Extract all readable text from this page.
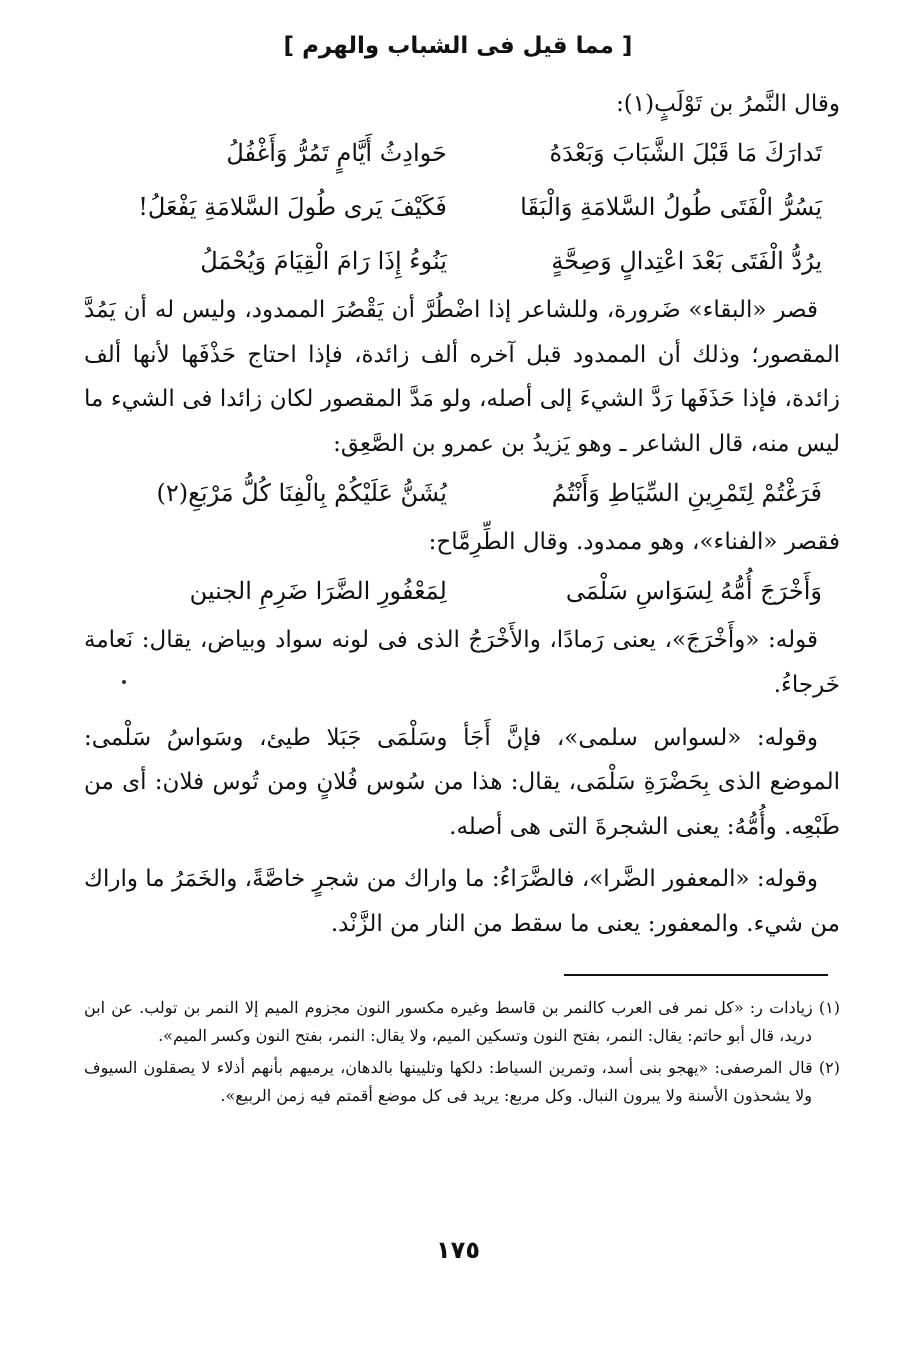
[ مما قيل فى الشباب والهرم ]

وقال النَّمرُ بن تَوْلَبٍ(١):

تَدارَكَ مَا قَبْلَ الشَّبَابَ وَبَعْدَهُ
حَوادِثُ أَيَّامٍ تَمُرُّ وَأَغْفُلُ
يَسُرُّ الْفَتَى طُولُ السَّلامَةِ وَالْبَقَا
فَكَيْفَ يَرى طُولَ السَّلامَةِ يَفْعَلُ!
يرُدُّ الْفَتَى بَعْدَ اعْتِدالٍ وَصِحَّةٍ
يَنُوءُ إِذَا رَامَ الْقِيَامَ وَيُحْمَلُ

قصر «البقاء» ضَرورة، وللشاعر إذا اضْطُرَّ أن يَقْصُرَ الممدود، وليس له أن يَمُدَّ المقصور؛ وذلك أن الممدود قبل آخره ألف زائدة، فإذا احتاج حَذْفَها لأنها ألف زائدة، فإذا حَذَفَها رَدَّ الشيءَ إلى أصله، ولو مَدَّ المقصور لكان زائدا فى الشيء ما ليس منه، قال الشاعر ـ وهو يَزيدُ بن عمرو بن الصَّعِق:

فَرَغْتُمْ لِتَمْرِينِ السِّيَاطِ وَأَنْتُمُ
يُشَنُّ عَلَيْكُمْ بِالْفِنَا كُلُّ مَرْبَعِ(٢)

فقصر «الفناء»، وهو ممدود. وقال الطِّرِمَّاح:

وَأَخْرَجَ أُمُّهُ لِسَوَاسِ سَلْمَى
لِمَعْفُورِ الضَّرَا ضَرِمِ الجنين

قوله: «وأَخْرَجَ»، يعنى رَمادًا، والأَخْرَجُ الذى فى لونه سواد وبياض، يقال: نَعامة خَرجاءُ.

وقوله: «لسواس سلمى»، فإنَّ أَجَأ وسَلْمَى جَبَلا طيئ، وسَواسُ سَلْمى: الموضع الذى بِحَضْرَةِ سَلْمَى، يقال: هذا من سُوس فُلانٍ ومن تُوس فلان: أى من طَبْعِه. وأُمُّهُ: يعنى الشجرةَ التى هى أصله.

وقوله: «المعفور الضَّرا»، فالضَّرَاءُ: ما واراك من شجرٍ خاصَّةً، والخَمَرُ ما واراك من شيء. والمعفور: يعنى ما سقط من النار من الزَّنْد.

(١) زيادات ر: «كل نمر فى العرب كالنمر بن قاسط وغيره مكسور النون مجزوم الميم إلا النمر بن تولب. عن ابن دريد، قال أبو حاتم: يقال: النمر، بفتح النون وتسكين الميم، ولا يقال: النمر، بفتح النون وكسر الميم».

(٢) قال المرصفى: «يهجو بنى أسد، وتمرين السياط: دلكها وتليينها بالدهان، يرميهم بأنهم أذلاء لا يصقلون السيوف ولا يشحذون الأسنة ولا يبرون النبال. وكل مربع: يريد فى كل موضع أقمتم فيه زمن الربيع».

١٧٥
